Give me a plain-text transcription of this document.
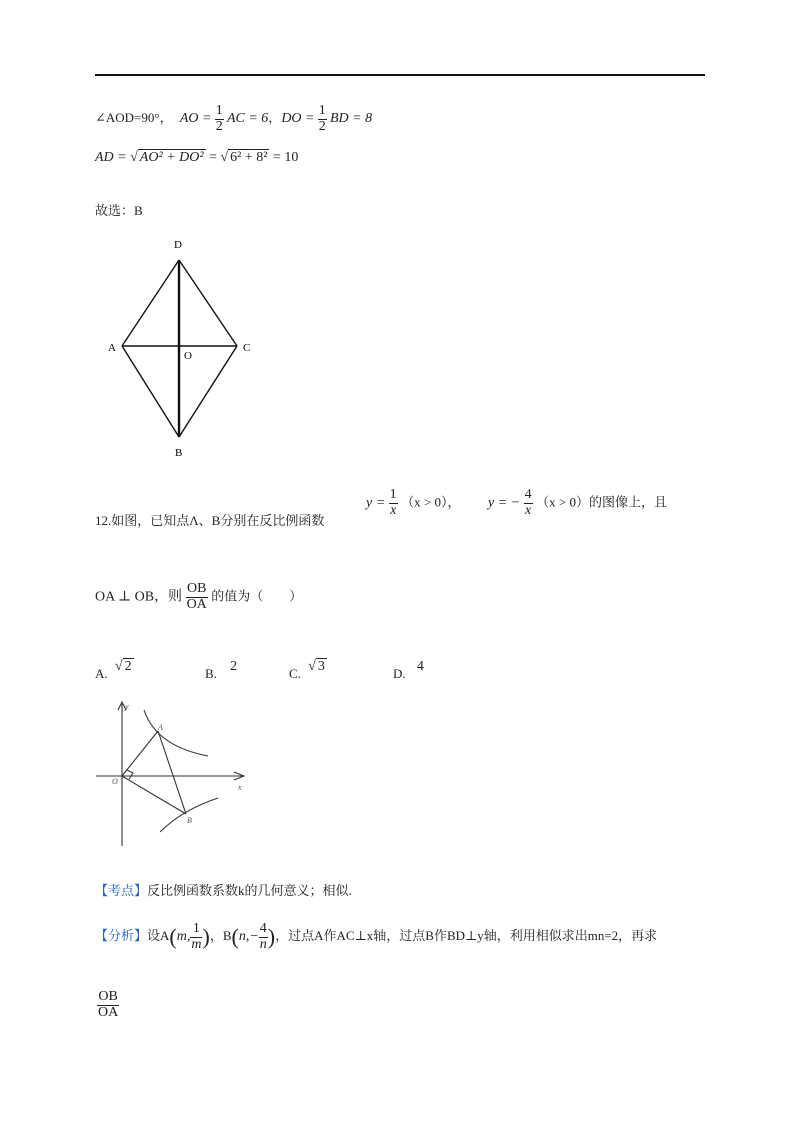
∠AOD=90°， AO = $\frac{1}{2}$ AC = 6，DO = $\frac{1}{2}$ BD = 8
AD = √ AO² + DO² = √ 6² + 8² = 10
故选：B
D
A
O
C
B
12.如图，已知点Λ、B分别在反比例函数
$y = \frac{1}{x} (x > 0)$， y = − $\frac{4}{x} (x > 0)$的图像上，且
OA ⊥ OB，则 $\frac{OB}{OA}$ 的值为（　　）
A. √ 2	B. 2	C. √ 3	D. 4
y
x
O
A
B
【考点】反比例函数系数k的几何意义；相似.
【分析】设A(m, $\frac{1}{m}$ )，$B(n,- \frac{4}{n}$ )，过点A作AC⊥x轴，过点B作BD⊥y轴，利用相似求出mn=2，再求
$\frac{OB}{OA}$
